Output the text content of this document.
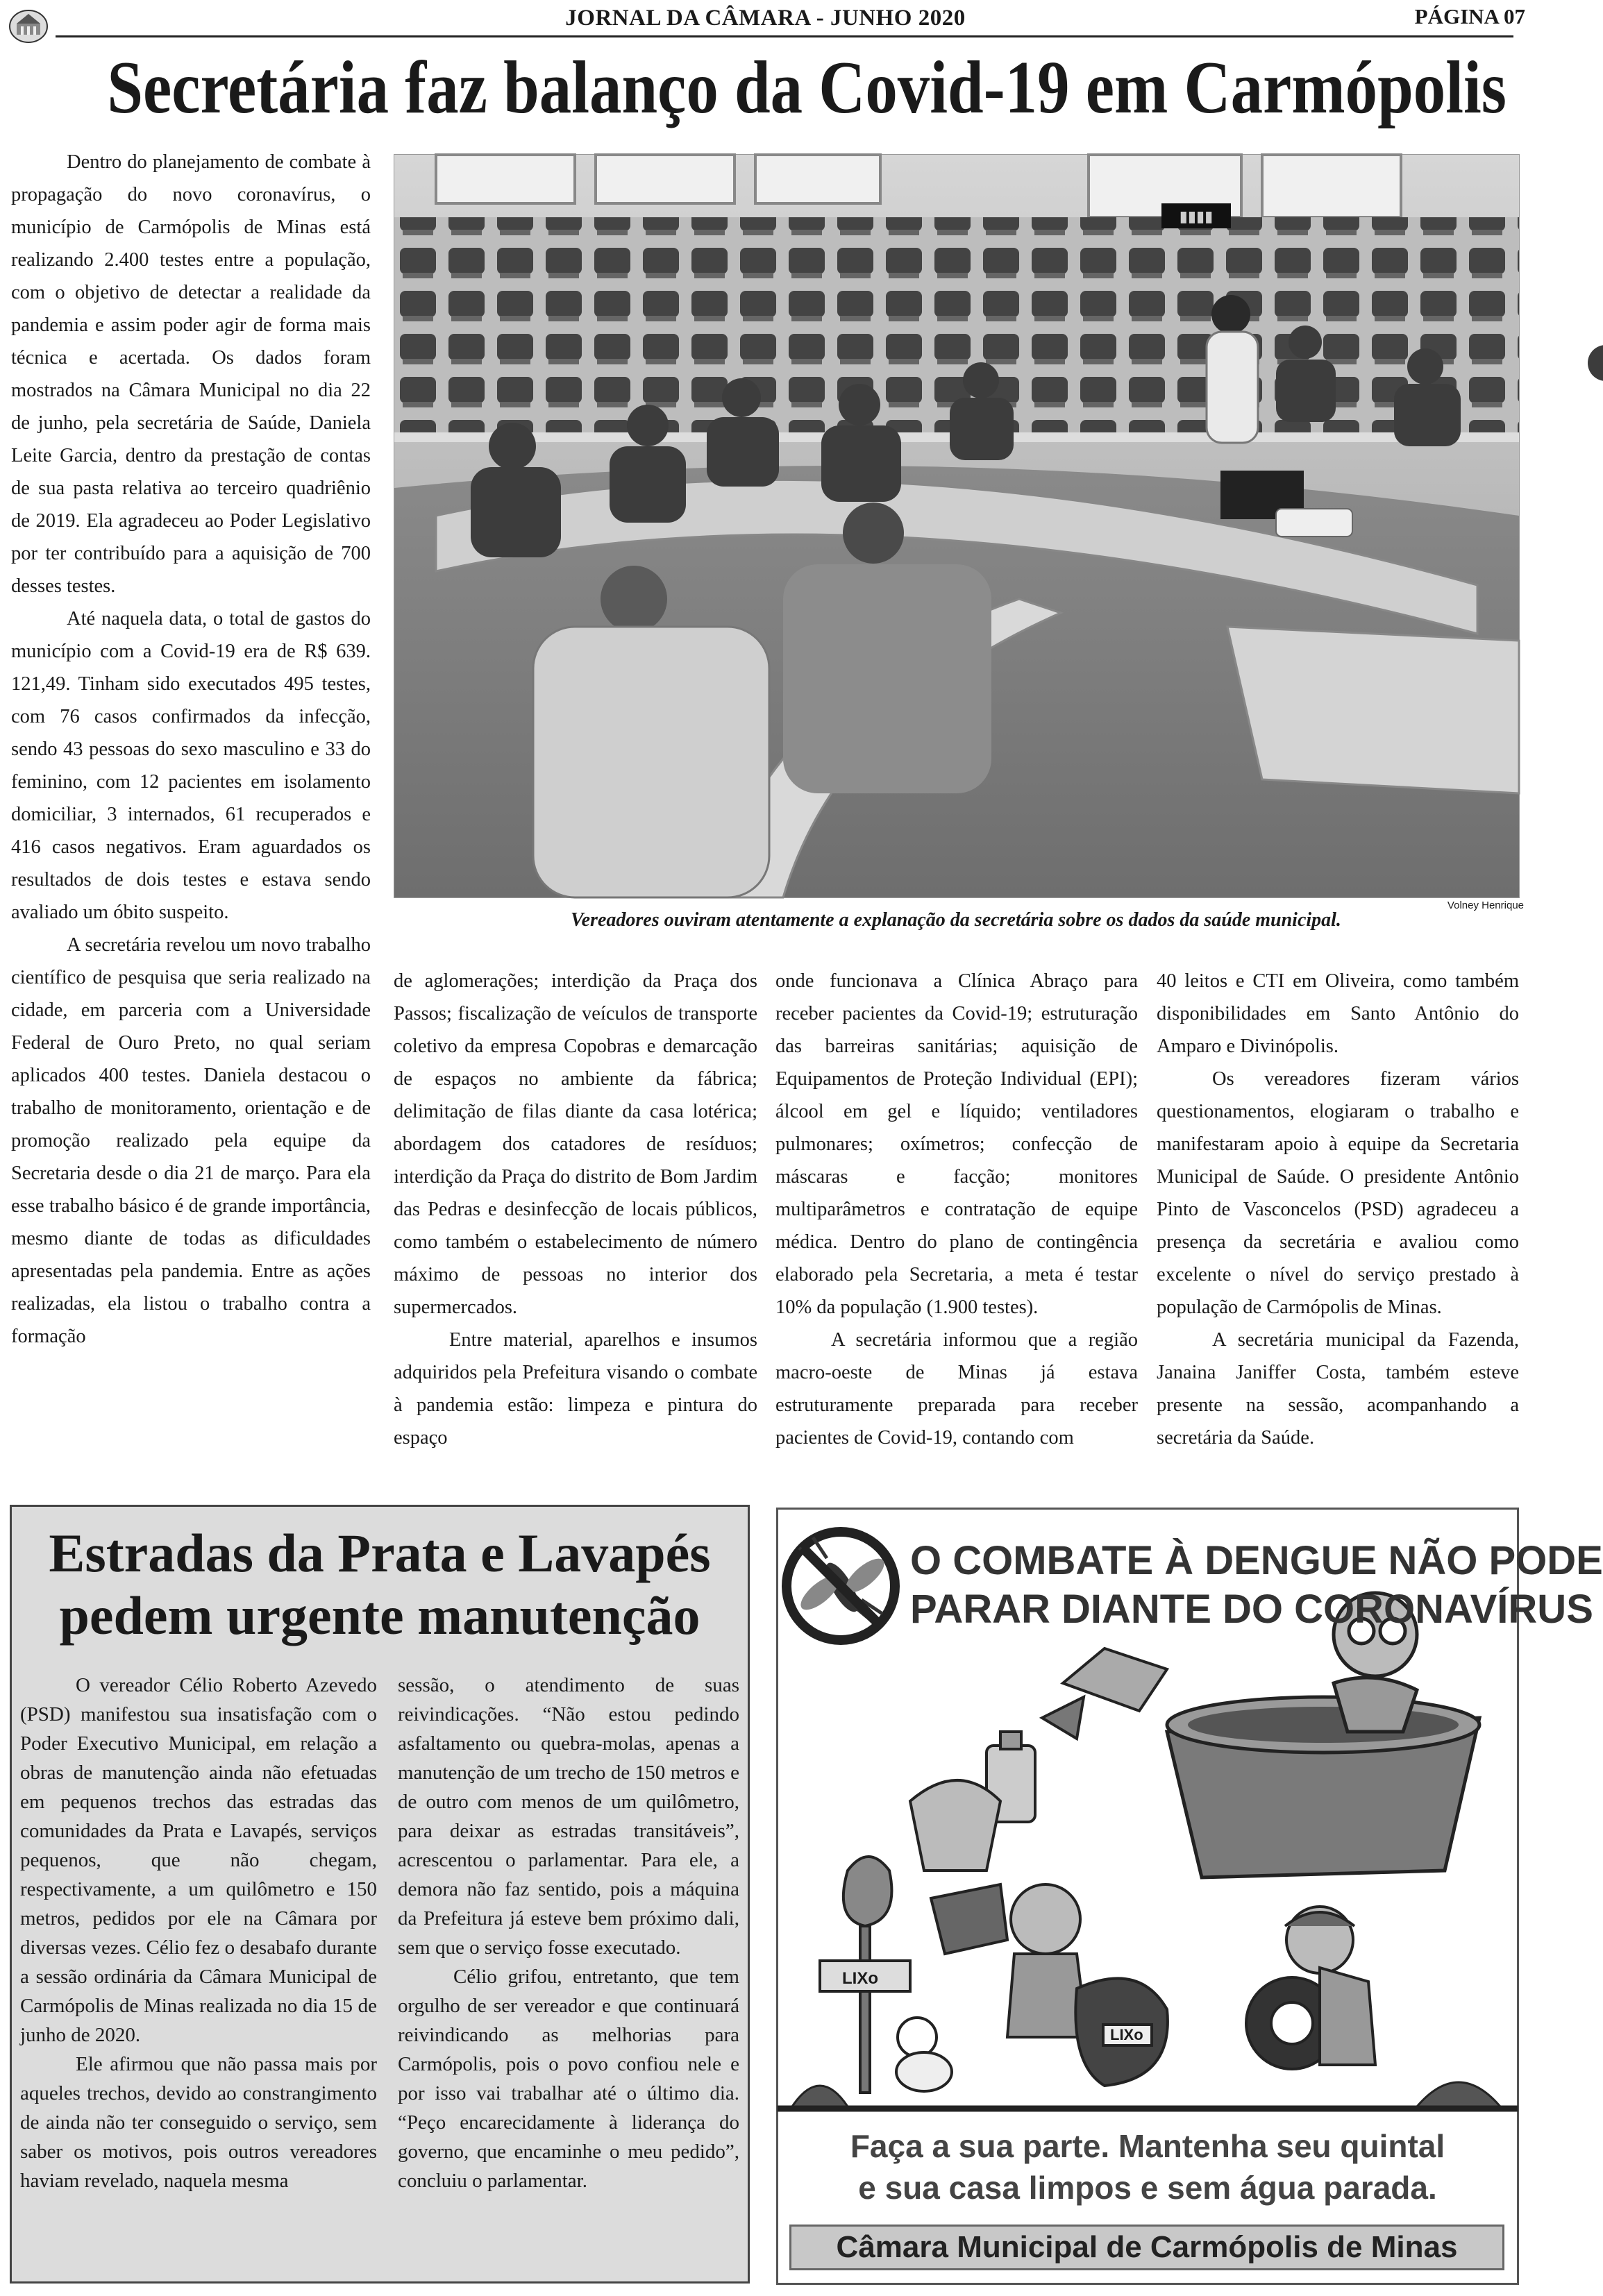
JORNAL DA CÂMARA - JUNHO 2020	PÁGINA 07
Secretária faz balanço da Covid-19 em Carmópolis

Dentro do planejamento de combate à propagação do novo coronavírus, o município de Carmópolis de Minas está realizando 2.400 testes entre a população, com o objetivo de detectar a realidade da pandemia e assim poder agir de forma mais técnica e acertada. Os dados foram mostrados na Câmara Municipal no dia 22 de junho, pela secretária de Saúde, Daniela Leite Garcia, dentro da prestação de contas de sua pasta relativa ao terceiro quadriênio de 2019. Ela agradeceu ao Poder Legislativo por ter contribuído para a aquisição de 700 desses testes.

Até naquela data, o total de gastos do município com a Covid-19 era de R$ 639. 121,49. Tinham sido executados 495 testes, com 76 casos confirmados da infecção, sendo 43 pessoas do sexo masculino e 33 do feminino, com 12 pacientes em isolamento domiciliar, 3 internados, 61 recuperados e 416 casos negativos. Eram aguardados os resultados de dois testes e estava sendo avaliado um óbito suspeito.

A secretária revelou um novo trabalho científico de pesquisa que seria realizado na cidade, em parceria com a Universidade Federal de Ouro Preto, no qual seriam aplicados 400 testes. Daniela destacou o trabalho de monitoramento, orientação e de promoção realizado pela equipe da Secretaria desde o dia 21 de março. Para ela esse trabalho básico é de grande importância, mesmo diante de todas as dificuldades apresentadas pela pandemia. Entre as ações realizadas, ela listou o trabalho contra a formação

▮▮▮▮
Volney Henrique
Vereadores ouviram atentamente a explanação da secretária sobre os dados da saúde municipal.

de aglomerações; interdição da Praça dos Passos; fiscalização de veículos de transporte coletivo da empresa Copobras e demarcação de espaços no ambiente da fábrica; delimitação de filas diante da casa lotérica; abordagem dos catadores de resíduos; interdição da Praça do distrito de Bom Jardim das Pedras e desinfecção de locais públicos, como também o estabelecimento de número máximo de pessoas no interior dos supermercados.

Entre material, aparelhos e insumos adquiridos pela Prefeitura visando o combate à pandemia estão: limpeza e pintura do espaço

onde funcionava a Clínica Abraço para receber pacientes da Covid-19; estruturação das barreiras sanitárias; aquisição de Equipamentos de Proteção Individual (EPI); álcool em gel e líquido; ventiladores pulmonares; oxímetros; confecção de máscaras e facção; monitores multiparâmetros e contratação de equipe médica. Dentro do plano de contingência elaborado pela Secretaria, a meta é testar 10% da população (1.900 testes).

A secretária informou que a região macro-oeste de Minas já estava estruturamente preparada para receber pacientes de Covid-19, contando com

40 leitos e CTI em Oliveira, como também disponibilidades em Santo Antônio do Amparo e Divinópolis.

Os vereadores fizeram vários questionamentos, elogiaram o trabalho e manifestaram apoio à equipe da Secretaria Municipal de Saúde. O presidente Antônio Pinto de Vasconcelos (PSD) agradeceu a presença da secretária e avaliou como excelente o nível do serviço prestado à população de Carmópolis de Minas.

A secretária municipal da Fazenda, Janaina Janiffer Costa, também esteve presente na sessão, acompanhando a secretária da Saúde.

Estradas da Prata e Lavapés
pedem urgente manutenção

O vereador Célio Roberto Azevedo (PSD) manifestou sua insatisfação com o Poder Executivo Municipal, em relação a obras de manutenção ainda não efetuadas em pequenos trechos das estradas das comunidades da Prata e Lavapés, serviços pequenos, que não chegam, respectivamente, a um quilômetro e 150 metros, pedidos por ele na Câmara por diversas vezes. Célio fez o desabafo durante a sessão ordinária da Câmara Municipal de Carmópolis de Minas realizada no dia 15 de junho de 2020.

Ele afirmou que não passa mais por aqueles trechos, devido ao constrangimento de ainda não ter conseguido o serviço, sem saber os motivos, pois outros vereadores haviam revelado, naquela mesma

sessão, o atendimento de suas reivindicações. “Não estou pedindo asfaltamento ou quebra-molas, apenas a manutenção de um trecho de 150 metros e de outro com menos de um quilômetro, para deixar as estradas transitáveis”, acrescentou o parlamentar. Para ele, a demora não faz sentido, pois a máquina da Prefeitura já esteve bem próximo dali, sem que o serviço fosse executado.

Célio grifou, entretanto, que tem orgulho de ser vereador e que continuará reivindicando as melhorias para Carmópolis, pois o povo confiou nele e por isso vai trabalhar até o último dia. “Peço encarecidamente à liderança do governo, que encaminhe o meu pedido”, concluiu o parlamentar.

O COMBATE À DENGUE NÃO PODE
PARAR DIANTE DO CORONAVÍRUS
LIXo
LIXo
Faça a sua parte. Mantenha seu quintal
e sua casa limpos e sem água parada.
Câmara Municipal de Carmópolis de Minas
